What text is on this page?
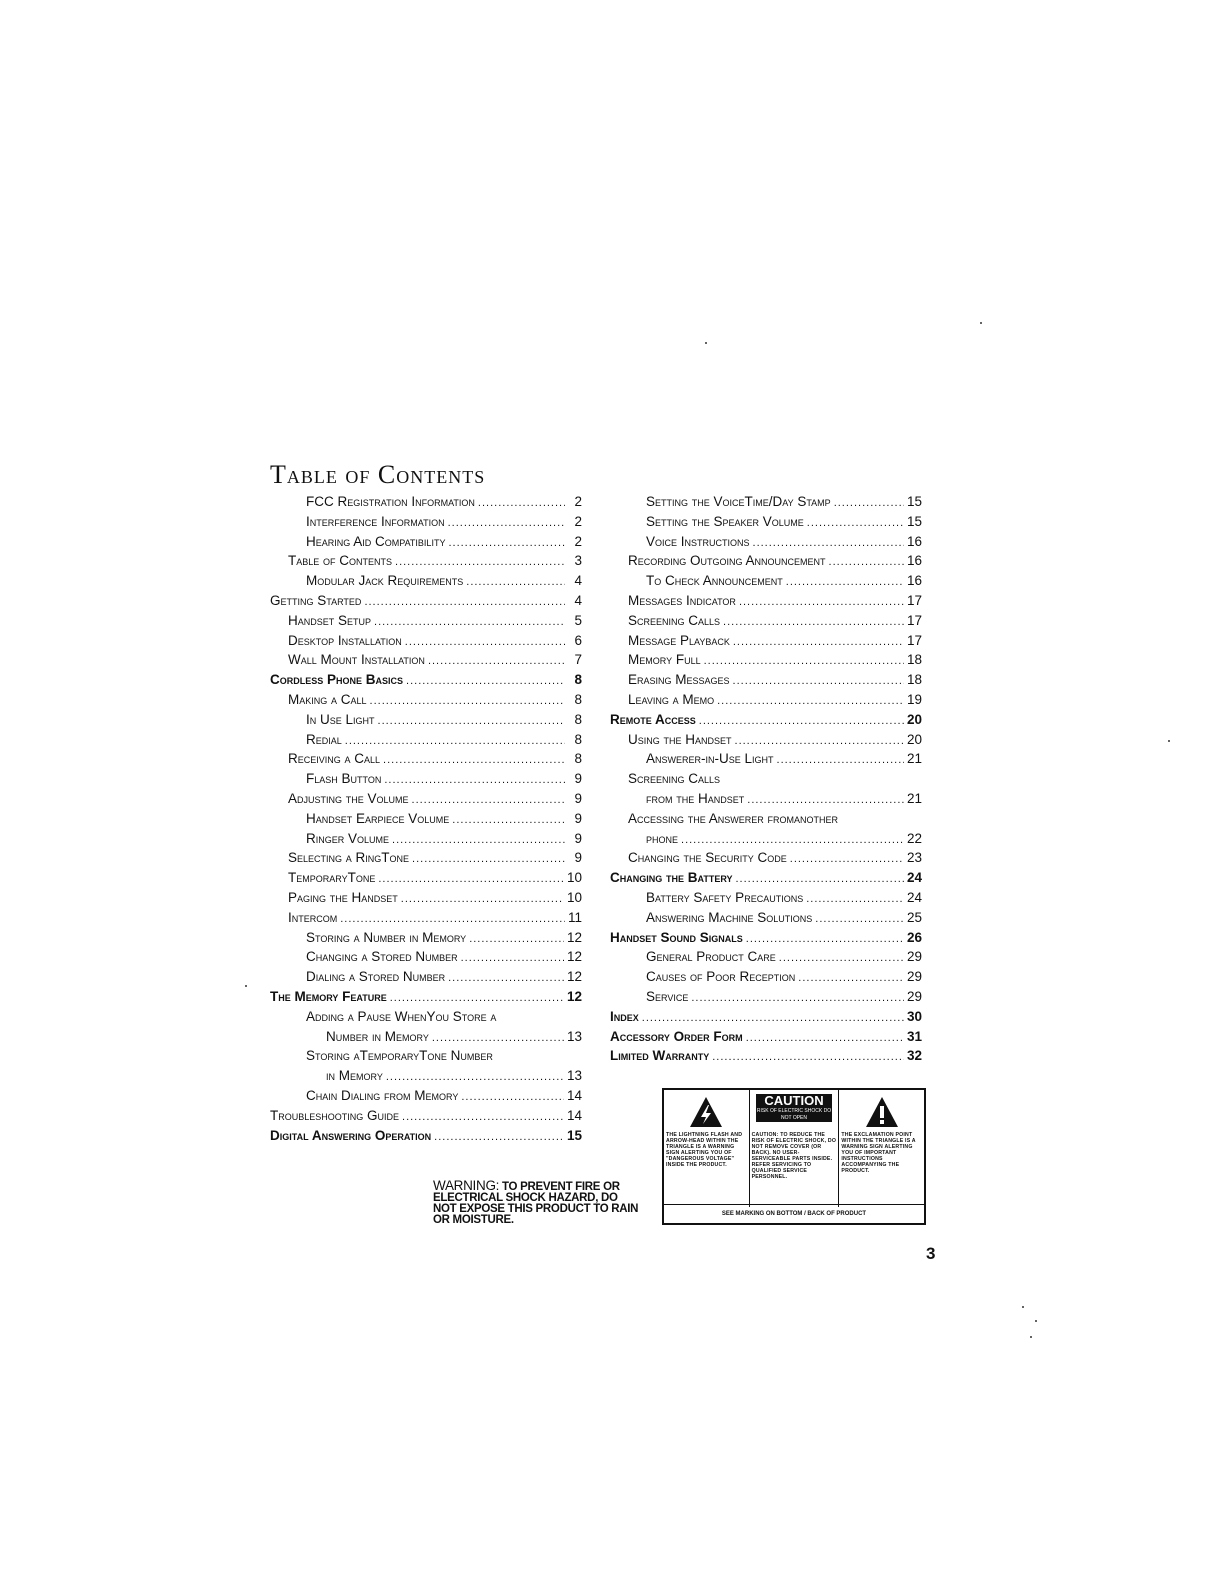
Table of Contents
FCC Registration Information .....	2
Interference Information .....	2
Hearing Aid Compatibility .....	2
Table of Contents .....	3
Modular Jack Requirements .....	4
Getting Started .....	4
Handset Setup .....	5
Desktop Installation .....	6
Wall Mount Installation .....	7
Cordless Phone Basics .....	8
Making a Call .....	8
In Use Light .....	8
Redial .....	8
Receiving a Call .....	8
Flash Button .....	9
Adjusting the Volume .....	9
Handset Earpiece Volume .....	9
Ringer Volume .....	9
Selecting a RingTone .....	9
TemporaryTone .....	10
Paging the Handset .....	10
Intercom .....	11
Storing a Number in Memory .....	12
Changing a Stored Number .....	12
Dialing a Stored Number .....	12
The Memory Feature .....	12
Adding a Pause WhenYou Store a
Number in Memory .....	13
Storing aTemporaryTone Number
in Memory .....	13
Chain Dialing from Memory .....	14
Troubleshooting Guide .....	14
Digital Answering Operation .....	15
Setting the VoiceTime/Day Stamp .....	15
Setting the Speaker Volume .....	15
Voice Instructions .....	16
Recording Outgoing Announcement .....	16
To Check Announcement .....	16
Messages Indicator .....	17
Screening Calls .....	17
Message Playback .....	17
Memory Full .....	18
Erasing Messages .....	18
Leaving a Memo .....	19
Remote Access .....	20
Using the Handset .....	20
Answerer-in-Use Light .....	21
Screening Calls
from the Handset .....	21
Accessing the Answerer fromanother
phone .....	22
Changing the Security Code .....	23
Changing the Battery .....	24
Battery Safety Precautions .....	24
Answering Machine Solutions .....	25
Handset Sound Signals .....	26
General Product Care .....	29
Causes of Poor Reception .....	29
Service .....	29
Index .....	30
Accessory Order Form .....	31
Limited Warranty .....	32
WARNING: TO PREVENT FIRE OR ELECTRICAL SHOCK HAZARD, DO NOT EXPOSE THIS PRODUCT TO RAIN OR MOISTURE.
THE LIGHTNING FLASH AND ARROW-HEAD WITHIN THE TRIANGLE IS A WARNING SIGN ALERTING YOU OF "DANGEROUS VOLTAGE" INSIDE THE PRODUCT.
CAUTION
RISK OF ELECTRIC SHOCK DO NOT OPEN
CAUTION: TO REDUCE THE RISK OF ELECTRIC SHOCK, DO NOT REMOVE COVER (OR BACK). NO USER-SERVICEABLE PARTS INSIDE. REFER SERVICING TO QUALIFIED SERVICE PERSONNEL.
THE EXCLAMATION POINT WITHIN THE TRIANGLE IS A WARNING SIGN ALERTING YOU OF IMPORTANT INSTRUCTIONS ACCOMPANYING THE PRODUCT.
SEE MARKING ON BOTTOM / BACK OF PRODUCT
3
